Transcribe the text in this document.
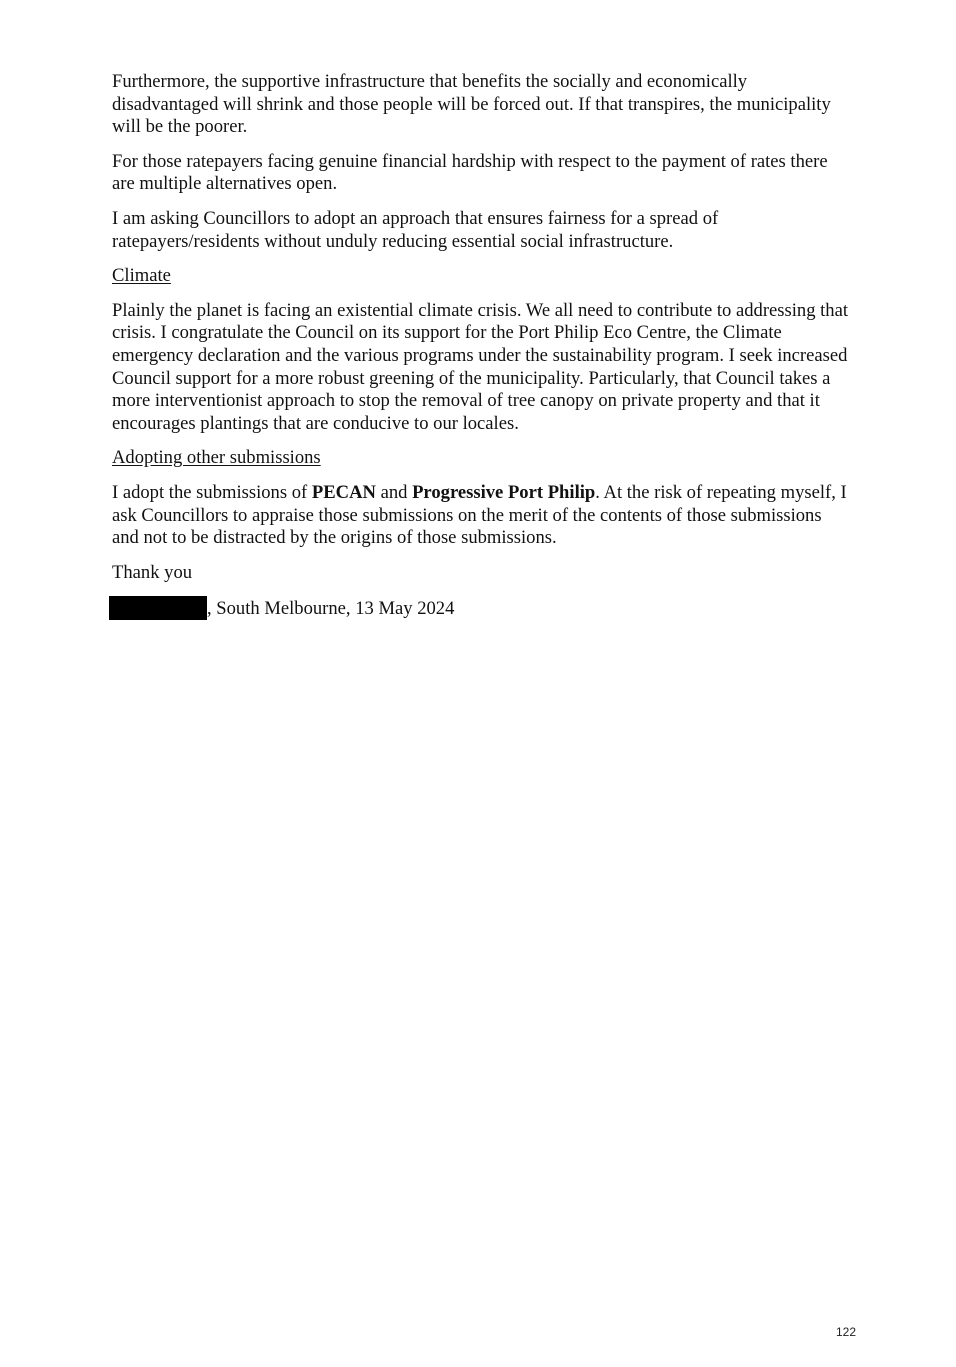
Furthermore, the supportive infrastructure that benefits the socially and economically disadvantaged will shrink and those people will be forced out. If that transpires, the municipality will be the poorer.

For those ratepayers facing genuine financial hardship with respect to the payment of rates there are multiple alternatives open.

I am asking Councillors to adopt an approach that ensures fairness for a spread of ratepayers/residents without unduly reducing essential social infrastructure.

Climate

Plainly the planet is facing an existential climate crisis. We all need to contribute to addressing that crisis. I congratulate the Council on its support for the Port Philip Eco Centre, the Climate emergency declaration and the various programs under the sustainability program. I seek increased Council support for a more robust greening of the municipality. Particularly, that Council takes a more interventionist approach to stop the removal of tree canopy on private property and that it encourages plantings that are conducive to our locales.

Adopting other submissions

I adopt the submissions of PECAN and Progressive Port Philip. At the risk of repeating myself, I ask Councillors to appraise those submissions on the merit of the contents of those submissions and not to be distracted by the origins of those submissions.

Thank you

, South Melbourne, 13 May 2024

122
